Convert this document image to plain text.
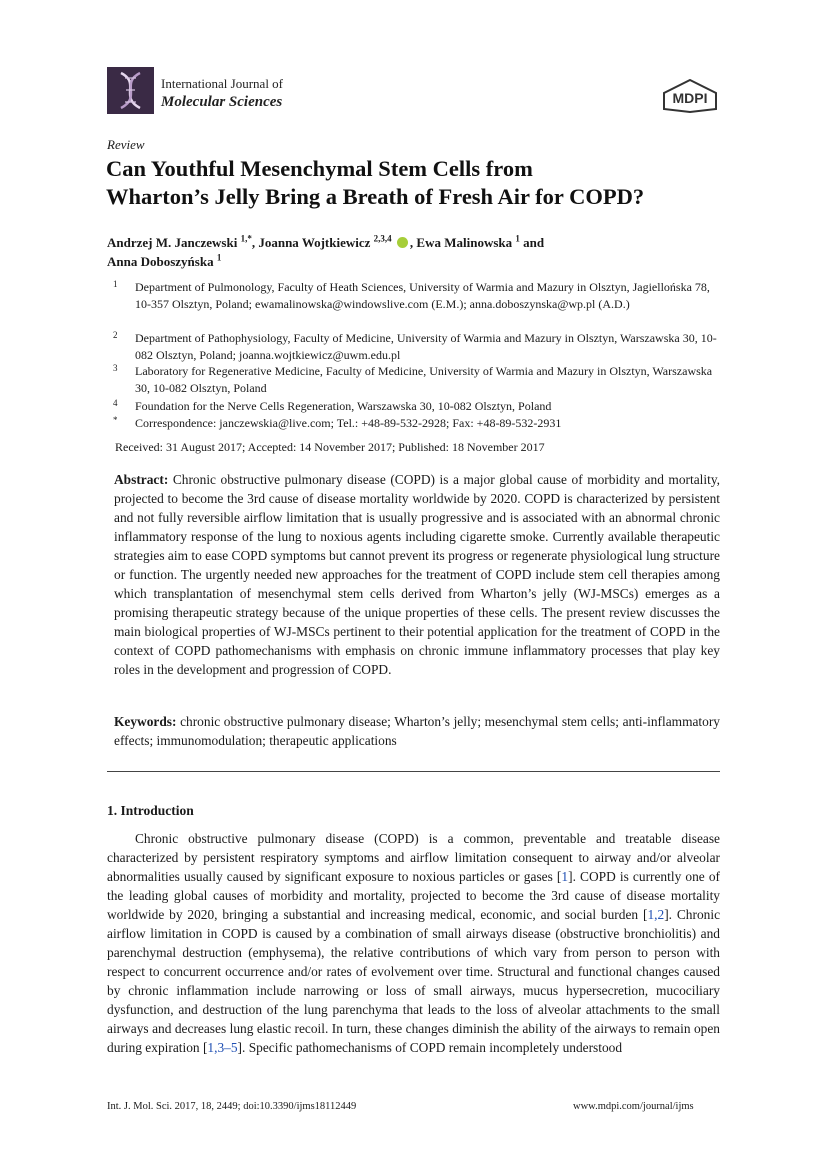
International Journal of
Molecular Sciences	MDPI
Review
Can Youthful Mesenchymal Stem Cells from
Wharton’s Jelly Bring a Breath of Fresh Air for COPD?
Andrzej M. Janczewski $^{1,*}$, Joanna Wojtkiewicz $^{2,3,4}$ , Ewa Malinowska $^1$ and
Anna Doboszyńska $^1$
1 Department of Pulmonology, Faculty of Heath Sciences, University of Warmia and Mazury in Olsztyn, Jagiellońska 78, 10-357 Olsztyn, Poland; ewamalinowska@windowslive.com (E.M.); anna.doboszynska@wp.pl (A.D.)
2 Department of Pathophysiology, Faculty of Medicine, University of Warmia and Mazury in Olsztyn, Warszawska 30, 10-082 Olsztyn, Poland; joanna.wojtkiewicz@uwm.edu.pl
3 Laboratory for Regenerative Medicine, Faculty of Medicine, University of Warmia and Mazury in Olsztyn, Warszawska 30, 10-082 Olsztyn, Poland
4 Foundation for the Nerve Cells Regeneration, Warszawska 30, 10-082 Olsztyn, Poland
* Correspondence: janczewskia@live.com; Tel.: +48-89-532-2928; Fax: +48-89-532-2931
Received: 31 August 2017; Accepted: 14 November 2017; Published: 18 November 2017
Abstract: Chronic obstructive pulmonary disease (COPD) is a major global cause of morbidity and mortality, projected to become the 3rd cause of disease mortality worldwide by 2020. COPD is characterized by persistent and not fully reversible airflow limitation that is usually progressive and is associated with an abnormal chronic inflammatory response of the lung to noxious agents including cigarette smoke. Currently available therapeutic strategies aim to ease COPD symptoms but cannot prevent its progress or regenerate physiological lung structure or function. The urgently needed new approaches for the treatment of COPD include stem cell therapies among which transplantation of mesenchymal stem cells derived from Wharton’s jelly (WJ-MSCs) emerges as a promising therapeutic strategy because of the unique properties of these cells. The present review discusses the main biological properties of WJ-MSCs pertinent to their potential application for the treatment of COPD in the context of COPD pathomechanisms with emphasis on chronic immune inflammatory processes that play key roles in the development and progression of COPD.
Keywords: chronic obstructive pulmonary disease; Wharton’s jelly; mesenchymal stem cells; anti-inflammatory effects; immunomodulation; therapeutic applications
1. Introduction
Chronic obstructive pulmonary disease (COPD) is a common, preventable and treatable disease characterized by persistent respiratory symptoms and airflow limitation consequent to airway and/or alveolar abnormalities usually caused by significant exposure to noxious particles or gases [1]. COPD is currently one of the leading global causes of morbidity and mortality, projected to become the 3rd cause of disease mortality worldwide by 2020, bringing a substantial and increasing medical, economic, and social burden [1,2]. Chronic airflow limitation in COPD is caused by a combination of small airways disease (obstructive bronchiolitis) and parenchymal destruction (emphysema), the relative contributions of which vary from person to person with respect to concurrent occurrence and/or rates of evolvement over time. Structural and functional changes caused by chronic inflammation include narrowing or loss of small airways, mucus hypersecretion, mucociliary dysfunction, and destruction of the lung parenchyma that leads to the loss of alveolar attachments to the small airways and decreases lung elastic recoil. In turn, these changes diminish the ability of the airways to remain open during expiration [1,3–5]. Specific pathomechanisms of COPD remain incompletely understood
Int. J. Mol. Sci. 2017, 18, 2449; doi:10.3390/ijms18112449	www.mdpi.com/journal/ijms
